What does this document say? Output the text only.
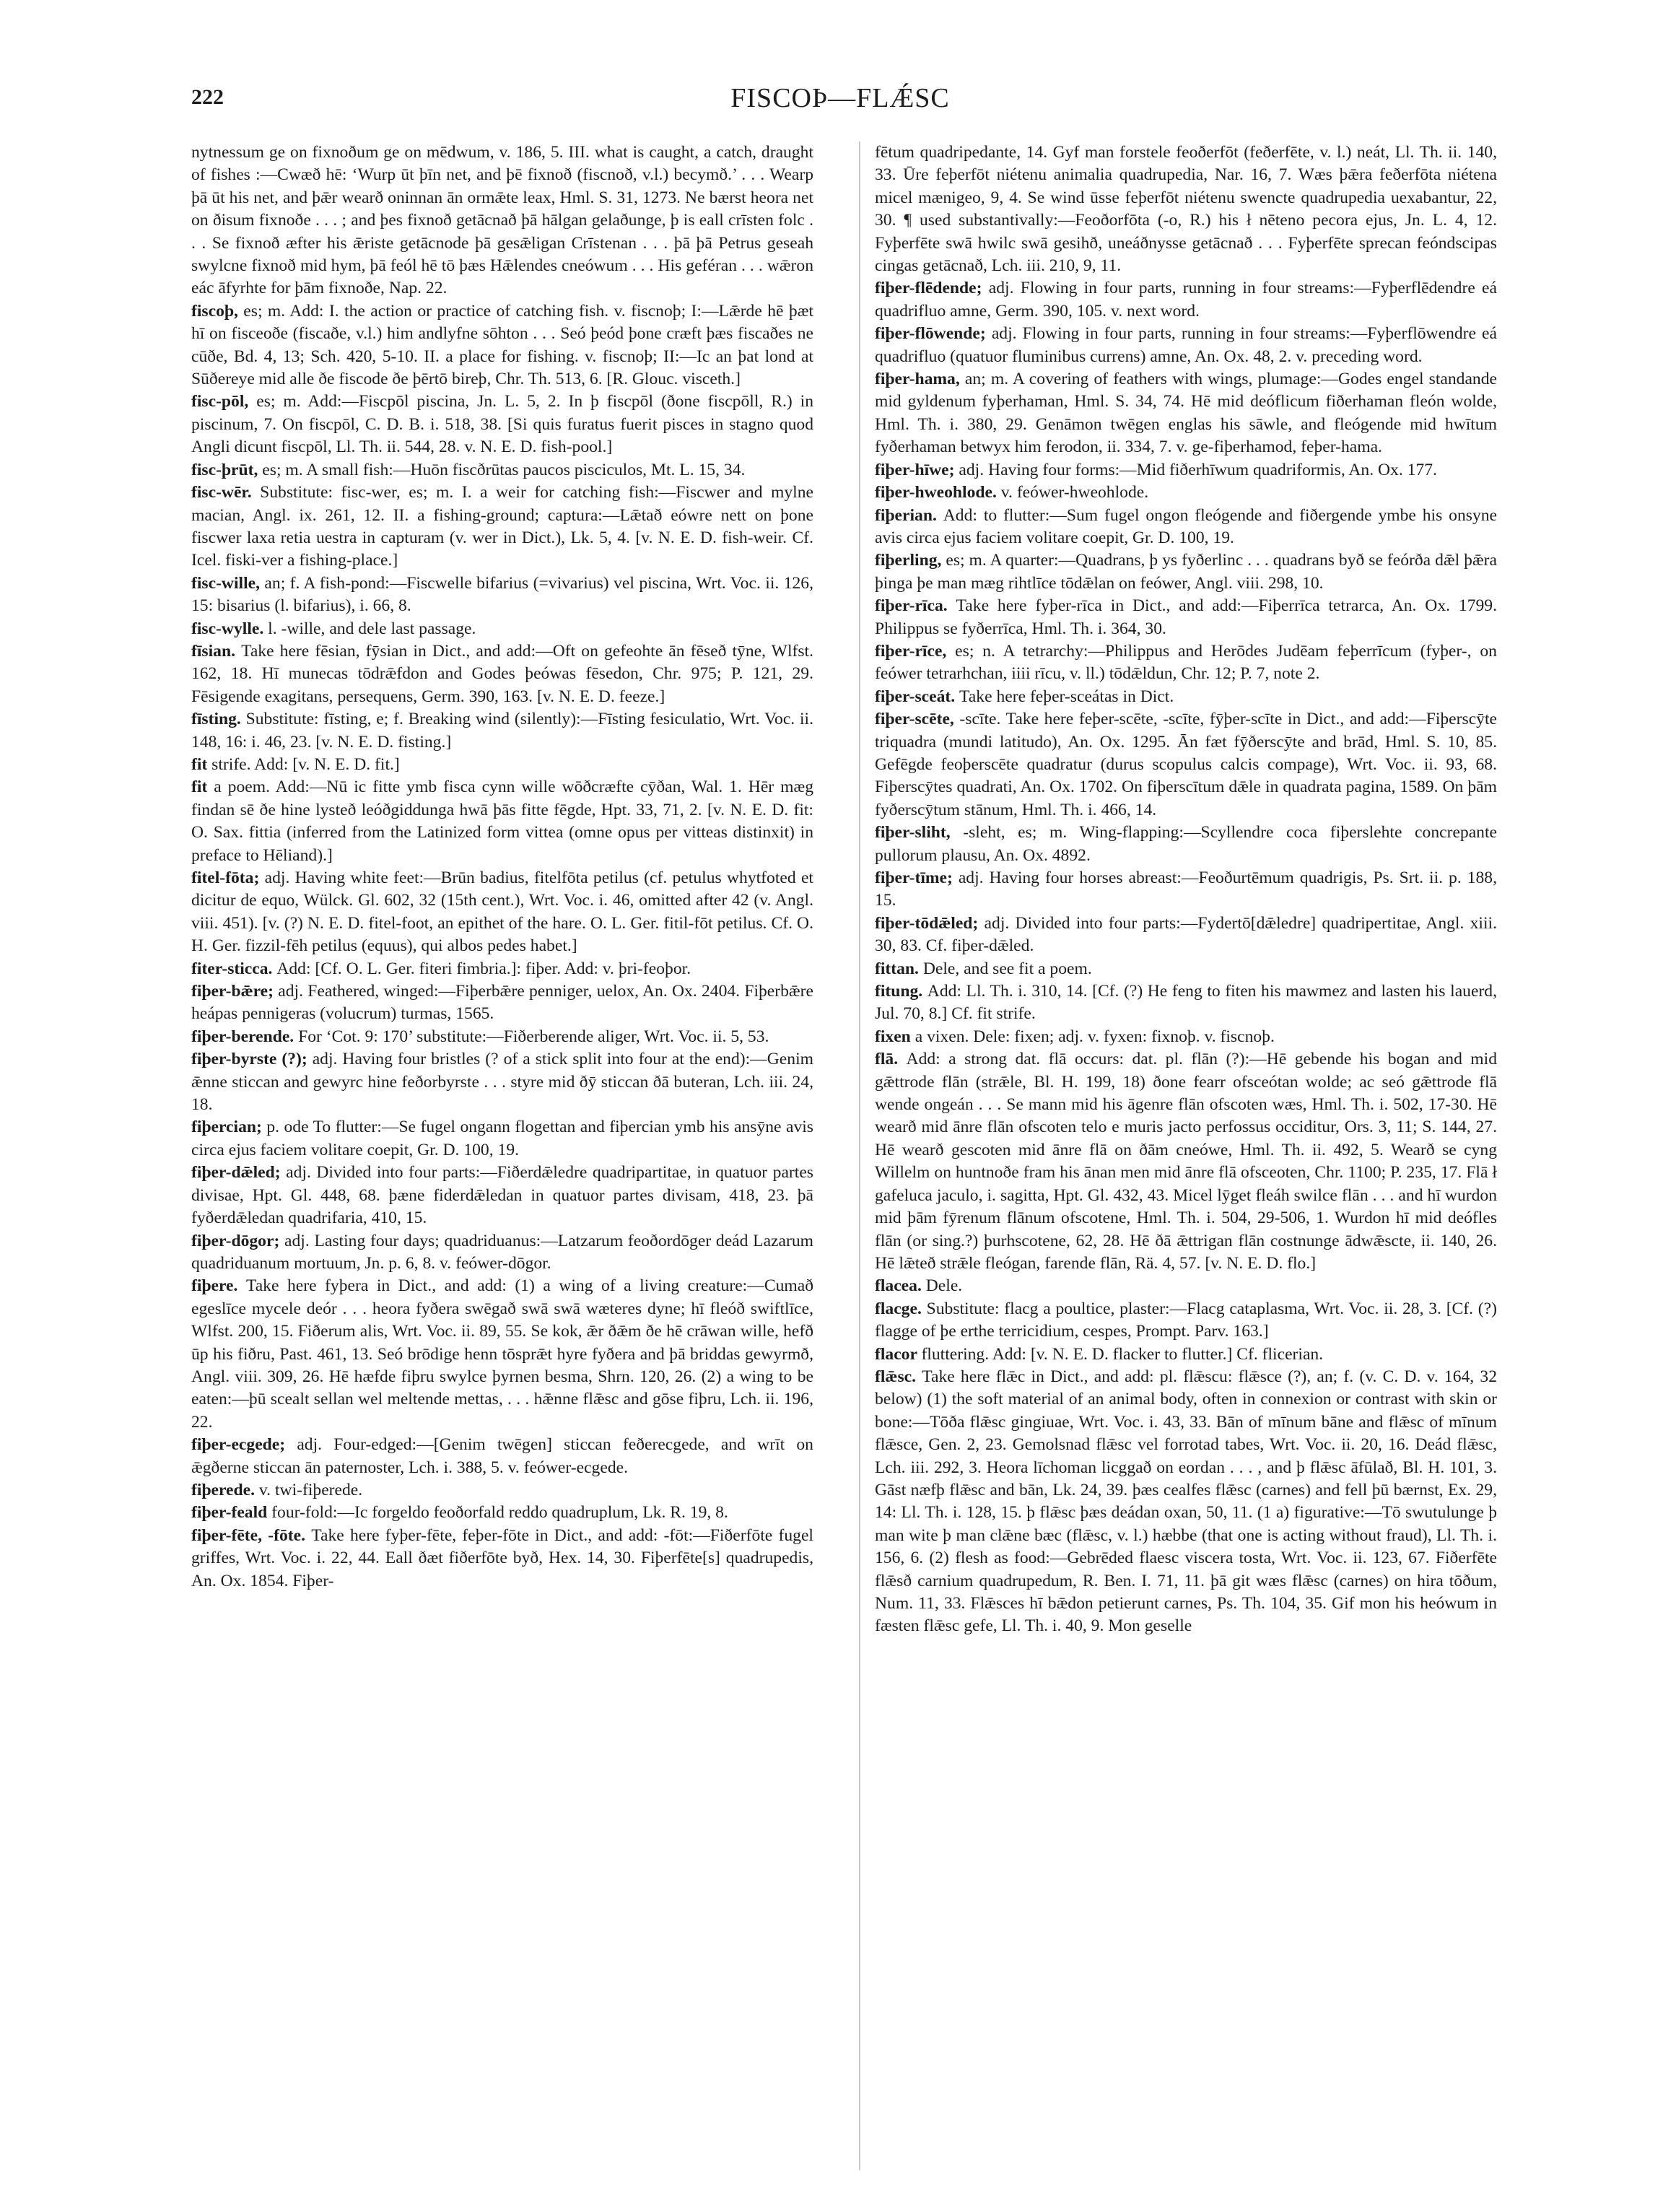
222	FISCOÞ—FLǼSC

nytnessum ge on fixnoðum ge on mēdwum, v. 186, 5. III. what is caught, a catch, draught of fishes :—Cwæð hē: ‘Wurp ūt þīn net, and þē fixnoð (fiscnoð, v.l.) becymð.’ . . . Wearp þā ūt his net, and þǣr wearð oninnan ān ormǣte leax, Hml. S. 31, 1273. Ne bærst heora net on ðisum fixnoðe . . . ; and þes fixnoð getācnað þā hālgan gelaðunge, þ is eall crīsten folc . . . Se fixnoð æfter his ǣriste getācnode þā gesǣligan Crīstenan . . . þā þā Petrus geseah swylcne fixnoð mid hym, þā feól hē tō þæs Hǣlendes cneówum . . . His geféran . . . wǣron eác āfyrhte for þām fixnoðe, Nap. 22.

fiscoþ, es; m. Add: I. the action or practice of catching fish. v. fiscnoþ; I:—Lǣrde hē þæt hī on fisceoðe (fiscaðe, v.l.) him andlyfne sōhton . . . Seó þeód þone cræft þæs fiscaðes ne cūðe, Bd. 4, 13; Sch. 420, 5-10. II. a place for fishing. v. fiscnoþ; II:—Ic an þat lond at Sūðereye mid alle ðe fiscode ðe þērtō bireþ, Chr. Th. 513, 6. [R. Glouc. visceth.]

fisc-pōl, es; m. Add:—Fiscpōl piscina, Jn. L. 5, 2. In þ fiscpōl (ðone fiscpōll, R.) in piscinum, 7. On fiscpōl, C. D. B. i. 518, 38. [Si quis furatus fuerit pisces in stagno quod Angli dicunt fiscpōl, Ll. Th. ii. 544, 28. v. N. E. D. fish-pool.]

fisc-þrūt, es; m. A small fish:—Huōn fiscðrūtas paucos pisciculos, Mt. L. 15, 34.

fisc-wēr. Substitute: fisc-wer, es; m. I. a weir for catching fish:—Fiscwer and mylne macian, Angl. ix. 261, 12. II. a fishing-ground; captura:—Lǣtað eówre nett on þone fiscwer laxa retia uestra in capturam (v. wer in Dict.), Lk. 5, 4. [v. N. E. D. fish-weir. Cf. Icel. fiski-ver a fishing-place.]

fisc-wille, an; f. A fish-pond:—Fiscwelle bifarius (=vivarius) vel piscina, Wrt. Voc. ii. 126, 15: bisarius (l. bifarius), i. 66, 8.

fisc-wylle. l. -wille, and dele last passage.

fīsian. Take here fēsian, fȳsian in Dict., and add:—Oft on gefeohte ān fēseð tȳne, Wlfst. 162, 18. Hī munecas tōdrǣfdon and Godes þeówas fēsedon, Chr. 975; P. 121, 29. Fēsigende exagitans, persequens, Germ. 390, 163. [v. N. E. D. feeze.]

fīsting. Substitute: fīsting, e; f. Breaking wind (silently):—Fīsting fesiculatio, Wrt. Voc. ii. 148, 16: i. 46, 23. [v. N. E. D. fisting.]

fit strife. Add: [v. N. E. D. fit.]

fit a poem. Add:—Nū ic fitte ymb fisca cynn wille wōðcræfte cȳðan, Wal. 1. Hēr mæg findan sē ðe hine lysteð leóðgiddunga hwā þās fitte fēgde, Hpt. 33, 71, 2. [v. N. E. D. fit: O. Sax. fittia (inferred from the Latinized form vittea (omne opus per vitteas distinxit) in preface to Hēliand).]

fitel-fōta; adj. Having white feet:—Brūn badius, fitelfōta petilus (cf. petulus whytfoted et dicitur de equo, Wülck. Gl. 602, 32 (15th cent.), Wrt. Voc. i. 46, omitted after 42 (v. Angl. viii. 451). [v. (?) N. E. D. fitel-foot, an epithet of the hare. O. L. Ger. fitil-fōt petilus. Cf. O. H. Ger. fizzil-fēh petilus (equus), qui albos pedes habet.]

fiter-sticca. Add: [Cf. O. L. Ger. fiteri fimbria.]: fiþer. Add: v. þri-feoþor.

fiþer-bǣre; adj. Feathered, winged:—Fiþerbǣre penniger, uelox, An. Ox. 2404. Fiþerbǣre heápas pennigeras (volucrum) turmas, 1565.

fiþer-berende. For ‘Cot. 9: 170’ substitute:—Fiðerberende aliger, Wrt. Voc. ii. 5, 53.

fiþer-byrste (?); adj. Having four bristles (? of a stick split into four at the end):—Genim ǣnne sticcan and gewyrc hine feðorbyrste . . . styre mid ðȳ sticcan ðā buteran, Lch. iii. 24, 18.

fiþercian; p. ode To flutter:—Se fugel ongann flogettan and fiþercian ymb his ansȳne avis circa ejus faciem volitare coepit, Gr. D. 100, 19.

fiþer-dǣled; adj. Divided into four parts:—Fiðerdǣledre quadripartitae, in quatuor partes divisae, Hpt. Gl. 448, 68. þæne fiderdǣledan in quatuor partes divisam, 418, 23. þā fyðerdǣledan quadrifaria, 410, 15.

fiþer-dōgor; adj. Lasting four days; quadriduanus:—Latzarum feoðordōger deád Lazarum quadriduanum mortuum, Jn. p. 6, 8. v. feówer-dōgor.

fiþere. Take here fyþera in Dict., and add: (1) a wing of a living creature:—Cumað egeslīce mycele deór . . . heora fyðera swēgað swā swā wæteres dyne; hī fleóð swiftlīce, Wlfst. 200, 15. Fiðerum alis, Wrt. Voc. ii. 89, 55. Se kok, ǣr ðǣm ðe hē crāwan wille, hefð ūp his fiðru, Past. 461, 13. Seó brōdige henn tōsprǣt hyre fyðera and þā briddas gewyrmð, Angl. viii. 309, 26. Hē hæfde fiþru swylce þyrnen besma, Shrn. 120, 26. (2) a wing to be eaten:—þū scealt sellan wel meltende mettas, . . . hǣnne flǣsc and gōse fiþru, Lch. ii. 196, 22.

fiþer-ecgede; adj. Four-edged:—[Genim twēgen] sticcan feðerecgede, and wrīt on ǣgðerne sticcan ān paternoster, Lch. i. 388, 5. v. feówer-ecgede.

fiþerede. v. twi-fiþerede.

fiþer-feald four-fold:—Ic forgeldo feoðorfald reddo quadruplum, Lk. R. 19, 8.

fiþer-fēte, -fōte. Take here fyþer-fēte, feþer-fōte in Dict., and add: -fōt:—Fiðerfōte fugel griffes, Wrt. Voc. i. 22, 44. Eall ðæt fiðerfōte byð, Hex. 14, 30. Fiþerfēte[s] quadrupedis, An. Ox. 1854. Fiþer-

fētum quadripedante, 14. Gyf man forstele feoðerfōt (feðerfēte, v. l.) neát, Ll. Th. ii. 140, 33. Ūre feþerfōt niétenu animalia quadrupedia, Nar. 16, 7. Wæs þǣra feðerfōta niétena micel mænigeo, 9, 4. Se wind ūsse feþerfōt niétenu swencte quadrupedia uexabantur, 22, 30. ¶ used substantivally:—Feoðorfōta (-o, R.) his ł nēteno pecora ejus, Jn. L. 4, 12. Fyþerfēte swā hwilc swā gesihð, uneáðnysse getācnað . . . Fyþerfēte sprecan feóndscipas cingas getācnað, Lch. iii. 210, 9, 11.

fiþer-flēdende; adj. Flowing in four parts, running in four streams:—Fyþerflēdendre eá quadrifluo amne, Germ. 390, 105. v. next word.

fiþer-flōwende; adj. Flowing in four parts, running in four streams:—Fyþerflōwendre eá quadrifluo (quatuor fluminibus currens) amne, An. Ox. 48, 2. v. preceding word.

fiþer-hama, an; m. A covering of feathers with wings, plumage:—Godes engel standande mid gyldenum fyþerhaman, Hml. S. 34, 74. Hē mid deóflicum fiðerhaman fleón wolde, Hml. Th. i. 380, 29. Genāmon twēgen englas his sāwle, and fleógende mid hwītum fyðerhaman betwyx him ferodon, ii. 334, 7. v. ge-fiþerhamod, feþer-hama.

fiþer-hīwe; adj. Having four forms:—Mid fiðerhīwum quadriformis, An. Ox. 177.

fiþer-hweohlode. v. feówer-hweohlode.

fiþerian. Add: to flutter:—Sum fugel ongon fleógende and fiðergende ymbe his onsyne avis circa ejus faciem volitare coepit, Gr. D. 100, 19.

fiþerling, es; m. A quarter:—Quadrans, þ ys fyðerlinc . . . quadrans byð se feórða dǣl þǣra þinga þe man mæg rihtlīce tōdǣlan on feówer, Angl. viii. 298, 10.

fiþer-rīca. Take here fyþer-rīca in Dict., and add:—Fiþerrīca tetrarca, An. Ox. 1799. Philippus se fyðerrīca, Hml. Th. i. 364, 30.

fiþer-rīce, es; n. A tetrarchy:—Philippus and Herōdes Judēam feþerrīcum (fyþer-, on feówer tetrarhchan, iiii rīcu, v. ll.) tōdǣldun, Chr. 12; P. 7, note 2.

fiþer-sceát. Take here feþer-sceátas in Dict.

fiþer-scēte, -scīte. Take here feþer-scēte, -scīte, fȳþer-scīte in Dict., and add:—Fiþerscȳte triquadra (mundi latitudo), An. Ox. 1295. Ān fæt fȳðerscȳte and brād, Hml. S. 10, 85. Gefēgde feoþerscēte quadratur (durus scopulus calcis compage), Wrt. Voc. ii. 93, 68. Fiþerscȳtes quadrati, An. Ox. 1702. On fiþerscītum dǣle in quadrata pagina, 1589. On þām fyðerscȳtum stānum, Hml. Th. i. 466, 14.

fiþer-sliht, -sleht, es; m. Wing-flapping:—Scyllendre coca fiþerslehte concrepante pullorum plausu, An. Ox. 4892.

fiþer-tīme; adj. Having four horses abreast:—Feoðurtēmum quadrigis, Ps. Srt. ii. p. 188, 15.

fiþer-tōdǣled; adj. Divided into four parts:—Fydertō[dǣledre] quadripertitae, Angl. xiii. 30, 83. Cf. fiþer-dǣled.

fittan. Dele, and see fit a poem.

fitung. Add: Ll. Th. i. 310, 14. [Cf. (?) He feng to fiten his mawmez and lasten his lauerd, Jul. 70, 8.] Cf. fit strife.

fixen a vixen. Dele: fixen; adj. v. fyxen: fixnoþ. v. fiscnoþ.

flā. Add: a strong dat. flā occurs: dat. pl. flān (?):—Hē gebende his bogan and mid gǣttrode flān (strǣle, Bl. H. 199, 18) ðone fearr ofsceótan wolde; ac seó gǣttrode flā wende ongeán . . . Se mann mid his āgenre flān ofscoten wæs, Hml. Th. i. 502, 17-30. Hē wearð mid ānre flān ofscoten telo e muris jacto perfossus occiditur, Ors. 3, 11; S. 144, 27. Hē wearð gescoten mid ānre flā on ðām cneówe, Hml. Th. ii. 492, 5. Wearð se cyng Willelm on huntnoðe fram his ānan men mid ānre flā ofsceoten, Chr. 1100; P. 235, 17. Flā ł gafeluca jaculo, i. sagitta, Hpt. Gl. 432, 43. Micel lȳget fleáh swilce flān . . . and hī wurdon mid þām fȳrenum flānum ofscotene, Hml. Th. i. 504, 29-506, 1. Wurdon hī mid deófles flān (or sing.?) þurhscotene, 62, 28. Hē ðā ǣttrigan flān costnunge ādwǣscte, ii. 140, 26. Hē lǣteð strǣle fleógan, farende flān, Rä. 4, 57. [v. N. E. D. flo.]

flacea. Dele.

flacge. Substitute: flacg a poultice, plaster:—Flacg cataplasma, Wrt. Voc. ii. 28, 3. [Cf. (?) flagge of þe erthe terricidium, cespes, Prompt. Parv. 163.]

flacor fluttering. Add: [v. N. E. D. flacker to flutter.] Cf. flicerian.

flǣsc. Take here flǣc in Dict., and add: pl. flǣscu: flǣsce (?), an; f. (v. C. D. v. 164, 32 below) (1) the soft material of an animal body, often in connexion or contrast with skin or bone:—Tōða flǣsc gingiuae, Wrt. Voc. i. 43, 33. Bān of mīnum bāne and flǣsc of mīnum flǣsce, Gen. 2, 23. Gemolsnad flǣsc vel forrotad tabes, Wrt. Voc. ii. 20, 16. Deád flǣsc, Lch. iii. 292, 3. Heora līchoman licggað on eordan . . . , and þ flǣsc āfūlað, Bl. H. 101, 3. Gāst næfþ flǣsc and bān, Lk. 24, 39. þæs cealfes flǣsc (carnes) and fell þū bærnst, Ex. 29, 14: Ll. Th. i. 128, 15. þ flǣsc þæs deádan oxan, 50, 11. (1 a) figurative:—Tō swutulunge þ man wite þ man clǣne bæc (flǣsc, v. l.) hæbbe (that one is acting without fraud), Ll. Th. i. 156, 6. (2) flesh as food:—Gebrēded flaesc viscera tosta, Wrt. Voc. ii. 123, 67. Fiðerfēte flǣsð carnium quadrupedum, R. Ben. I. 71, 11. þā git wæs flǣsc (carnes) on hira tōðum, Num. 11, 33. Flǣsces hī bǣdon petierunt carnes, Ps. Th. 104, 35. Gif mon his heówum in fæsten flǣsc gefe, Ll. Th. i. 40, 9. Mon geselle
